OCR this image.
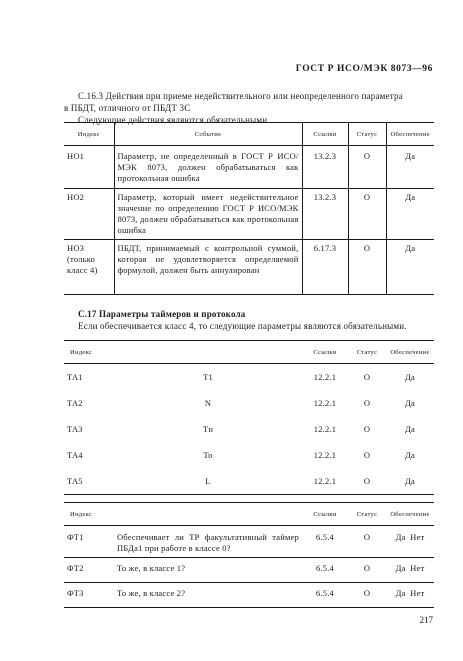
ГОСТ Р ИСО/МЭК 8073—96
С.16.3 Действия при приеме недействительного или неопределенного параметра
в ПБДТ, отличного от ПБДТ 3С
Следующие действия являются обязательными
Индекс	Событие	Ссылки	Статус	Обеспечение
НО1	Параметр, не определенный в ГОСТ Р ИСО/МЭК 8073, должен обрабатываться как протокольная ошибка	13.2.3	О	Да
НО2	Параметр, который имеет недействительное значение по определению ГОСТ Р ИСО/МЭК 8073, должен обрабатываться как протокольная ошибка	13.2.3	О	Да
НО3 (только класс 4)	ПБДТ, принимаемый с контрольной суммой, которая не удовлетворяется определяемой формулой, должен быть аннулирован	6.17.3	О	Да
С.17 Параметры таймеров и протокола
Если обеспечивается класс 4, то следующие параметры являются обязательными.
Индекс		Ссылки	Статус	Обеспечение
ТА1	Т1	12.2.1	О	Да
ТА2	N	12.2.1	О	Да
ТА3	Тн	12.2.1	О	Да
ТА4	То	12.2.1	О	Да
ТА5	L	12.2.1	О	Да
Индекс		Ссылки	Статус	Обеспечение
ФТ1	Обеспечивает ли ТР факультативный таймер ПБДа1 при работе в классе 0?	6.5.4	О	Да  Нет
ФТ2	То же, в классе 1?	6.5.4	О	Да  Нет
ФТ3	То же, в классе 2?	6.5.4	О	Да  Нет
217
